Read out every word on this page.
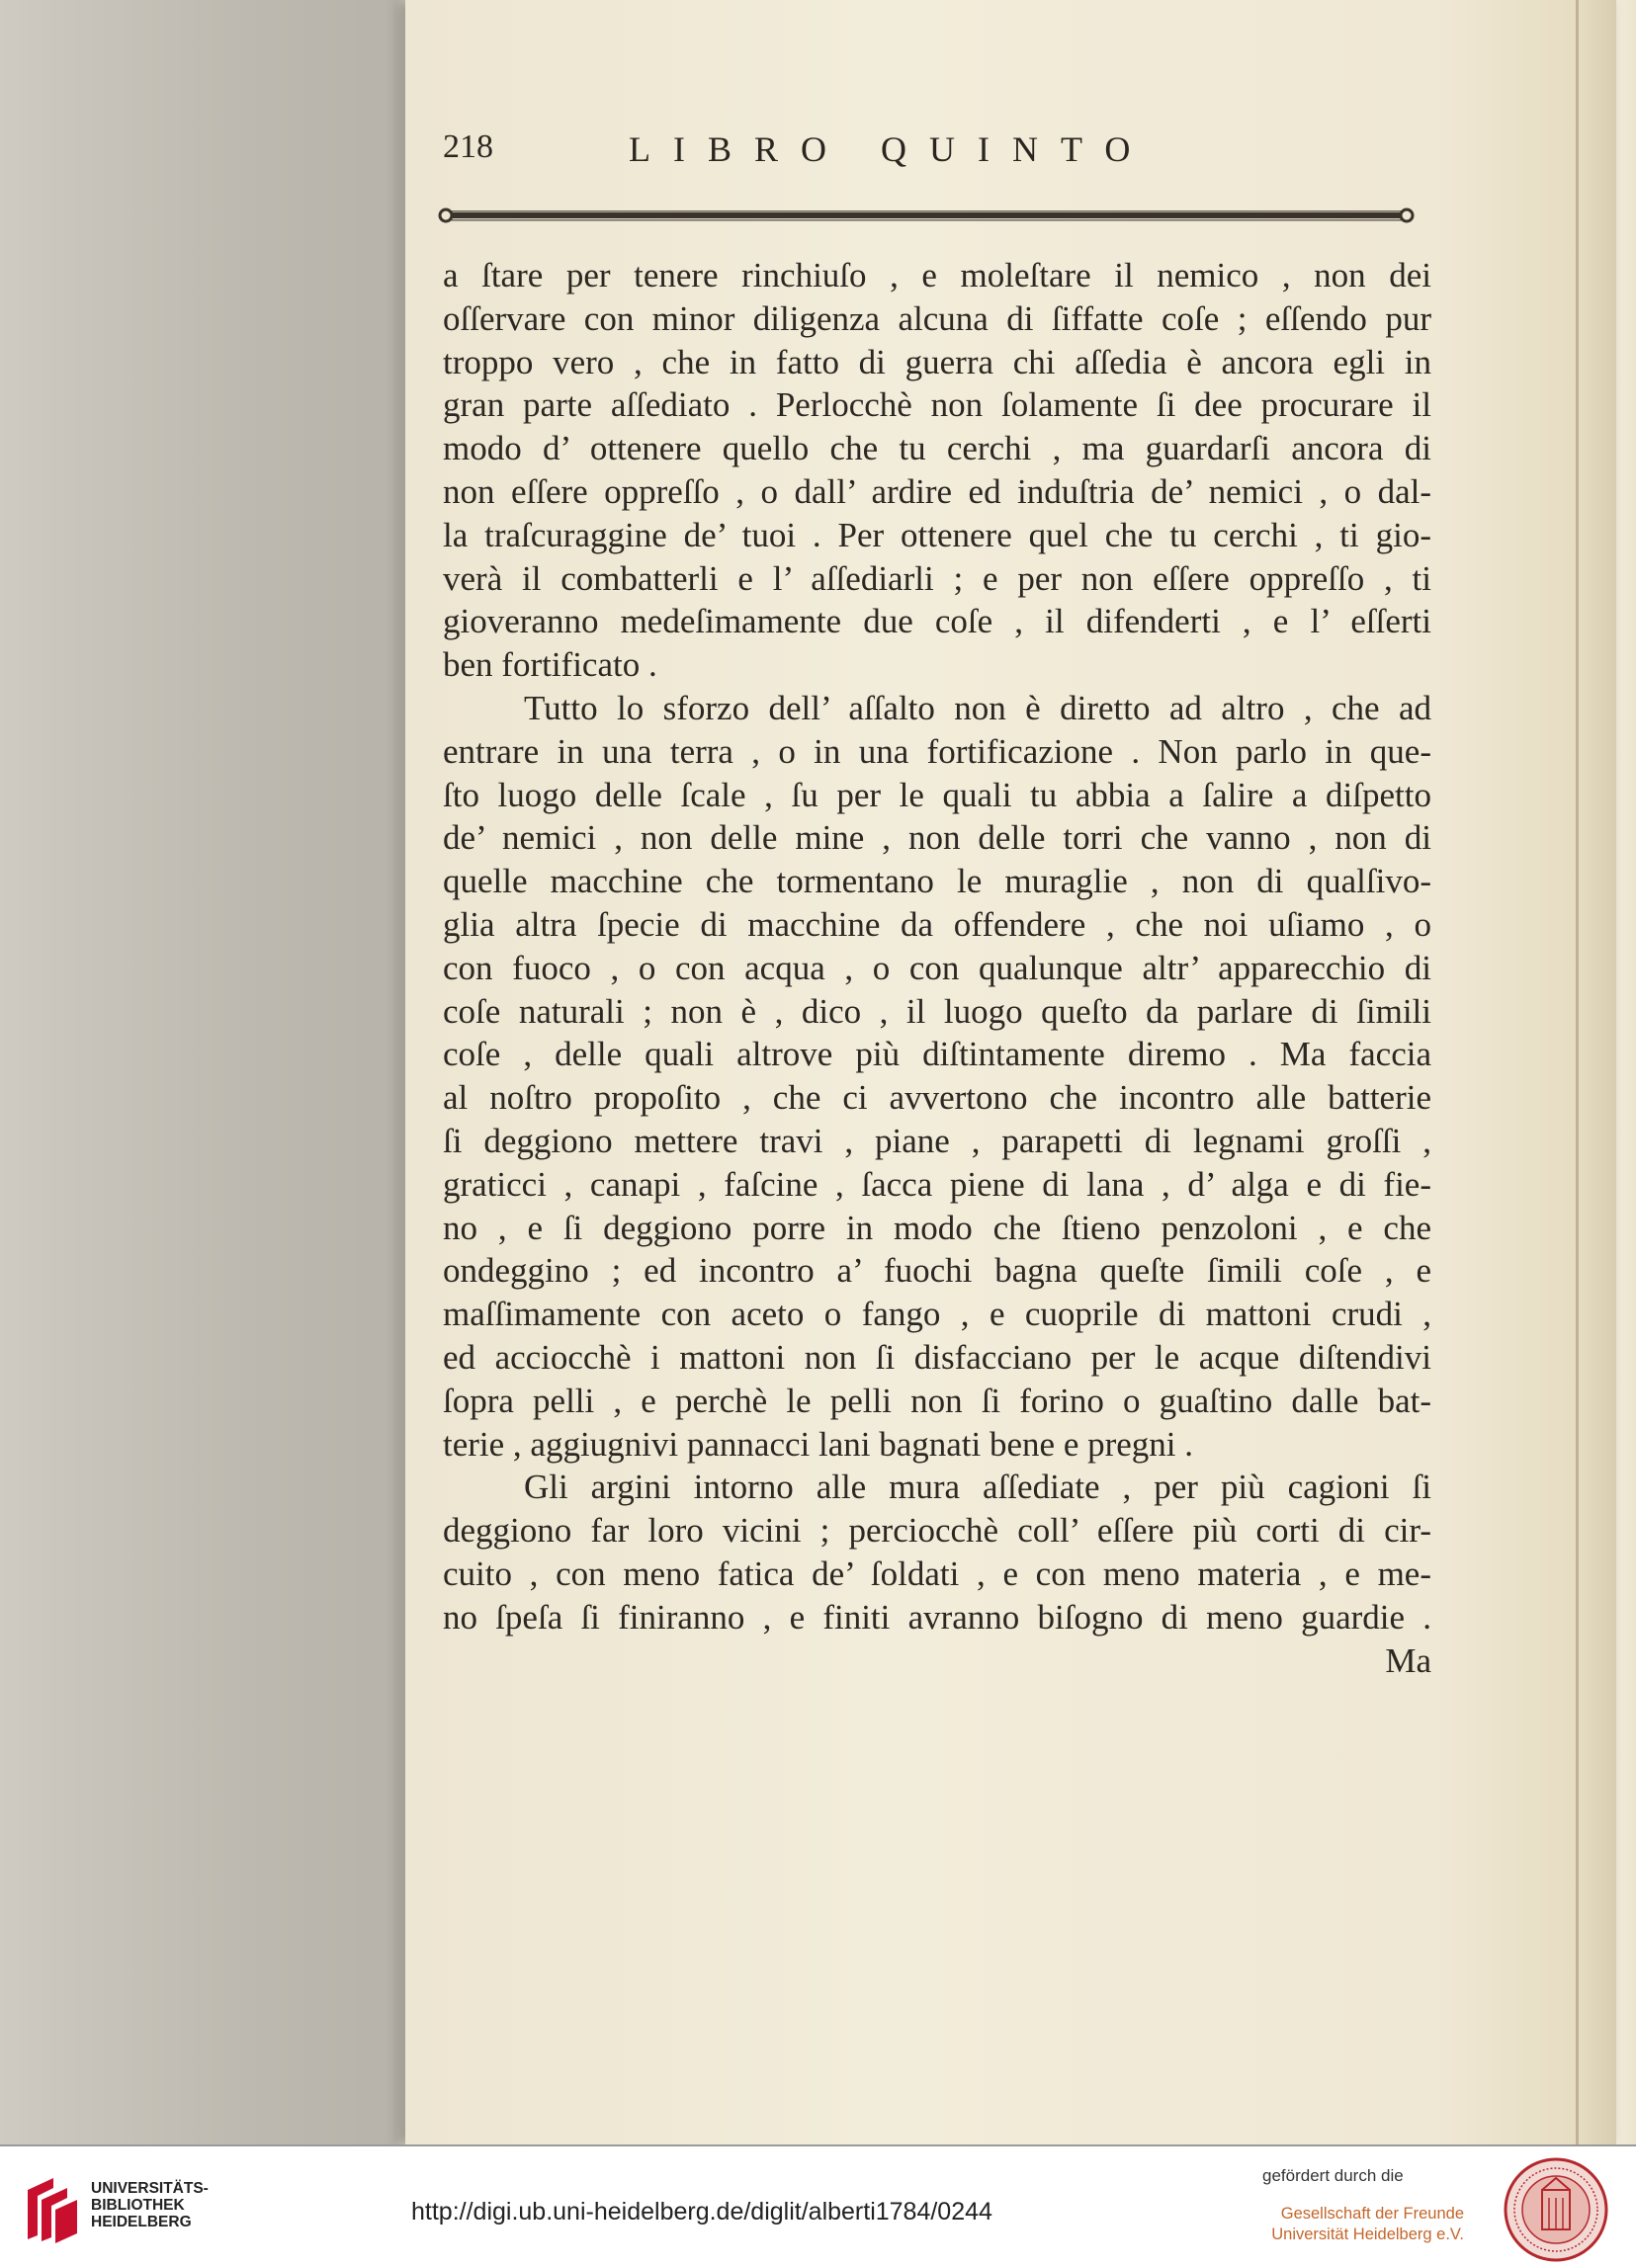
218	LIBRO QUINTO
a ſtare per tenere rinchiuſo , e moleſtare il nemico , non dei
oſſervare con minor diligenza alcuna di ſiffatte coſe ; eſſendo pur
troppo vero , che in fatto di guerra chi aſſedia è ancora egli in
gran parte aſſediato . Perlocchè non ſolamente ſi dee procurare il
modo d’ ottenere quello che tu cerchi , ma guardarſi ancora di
non eſſere oppreſſo , o dall’ ardire ed induſtria de’ nemici , o dal-
la traſcuraggine de’ tuoi . Per ottenere quel che tu cerchi , ti gio-
verà il combatterli e l’ aſſediarli ; e per non eſſere oppreſſo , ti
gioveranno medeſimamente due coſe , il difenderti , e l’ eſſerti
ben fortificato .
Tutto lo sforzo dell’ aſſalto non è diretto ad altro , che ad
entrare in una terra , o in una fortificazione . Non parlo in que-
ſto luogo delle ſcale , ſu per le quali tu abbia a ſalire a diſpetto
de’ nemici , non delle mine , non delle torri che vanno , non di
quelle macchine che tormentano le muraglie , non di qualſivo-
glia altra ſpecie di macchine da offendere , che noi uſiamo , o
con fuoco , o con acqua , o con qualunque altr’ apparecchio di
coſe naturali ; non è , dico , il luogo queſto da parlare di ſimili
coſe , delle quali altrove più diſtintamente diremo . Ma faccia
al noſtro propoſito , che ci avvertono che incontro alle batterie
ſi deggiono mettere travi , piane , parapetti di legnami groſſi ,
graticci , canapi , faſcine , ſacca piene di lana , d’ alga e di fie-
no , e ſi deggiono porre in modo che ſtieno penzoloni , e che
ondeggino ; ed incontro a’ fuochi bagna queſte ſimili coſe , e
maſſimamente con aceto o fango , e cuoprile di mattoni crudi ,
ed acciocchè i mattoni non ſi disfacciano per le acque diſtendivi
ſopra pelli , e perchè le pelli non ſi forino o guaſtino dalle bat-
terie , aggiugnivi pannacci lani bagnati bene e pregni .
Gli argini intorno alle mura aſſediate , per più cagioni ſi
deggiono far loro vicini ; perciocchè coll’ eſſere più corti di cir-
cuito , con meno fatica de’ ſoldati , e con meno materia , e me-
no ſpeſa ſi finiranno , e finiti avranno biſogno di meno guardie .
Ma
UNIVERSITÄTS-
BIBLIOTHEK
HEIDELBERG	http://digi.ub.uni-heidelberg.de/diglit/alberti1784/0244
gefördert durch die
Gesellschaft der Freunde
Universität Heidelberg e.V.
